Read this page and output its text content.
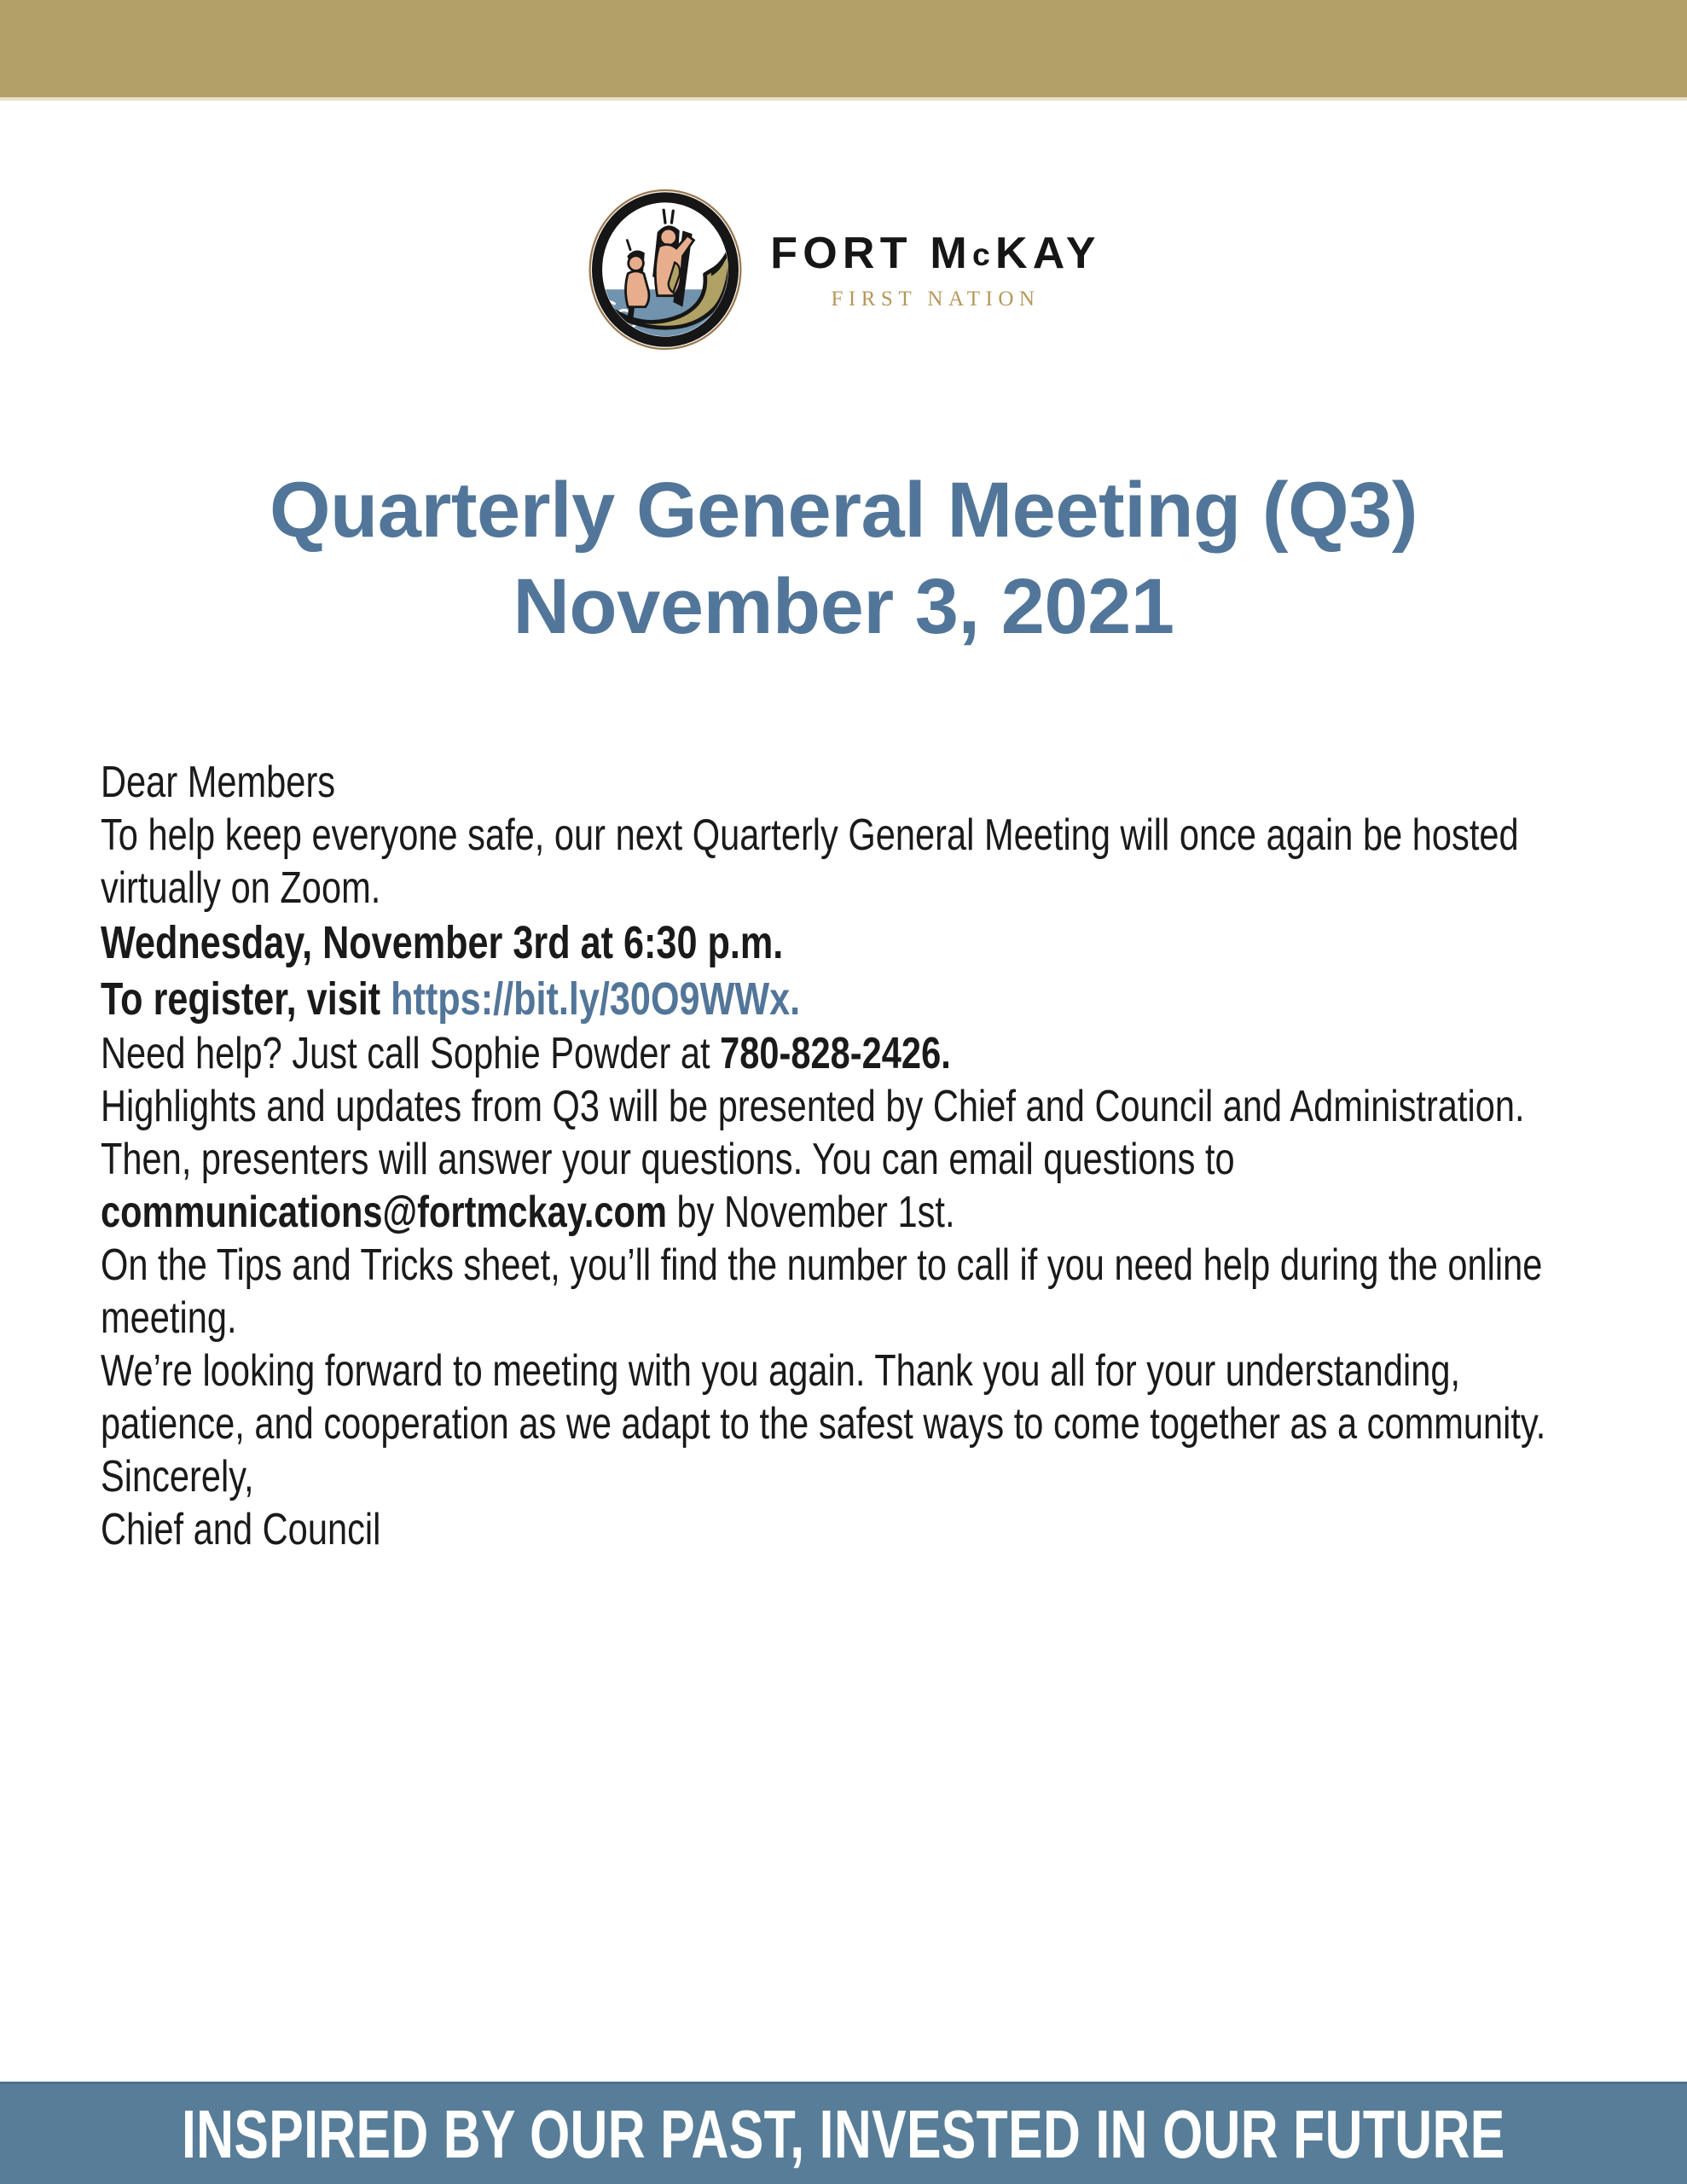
FORT McKAY
FIRST NATION
Quarterly General Meeting (Q3)
November 3, 2021

Dear Members

To help keep everyone safe, our next Quarterly General Meeting will once again be hosted virtually on Zoom.

Wednesday, November 3rd at 6:30 p.m.

To register, visit https://bit.ly/30O9WWx.

Need help? Just call Sophie Powder at 780-828-2426.

Highlights and updates from Q3 will be presented by Chief and Council and Administration. Then, presenters will answer your questions. You can email questions to communications@fortmckay.com by November 1st.

On the Tips and Tricks sheet, you’ll find the number to call if you need help during the online meeting.

We’re looking forward to meeting with you again. Thank you all for your understanding, patience, and cooperation as we adapt to the safest ways to come together as a community.

Sincerely,

Chief and Council

INSPIRED BY OUR PAST, INVESTED IN OUR FUTURE
